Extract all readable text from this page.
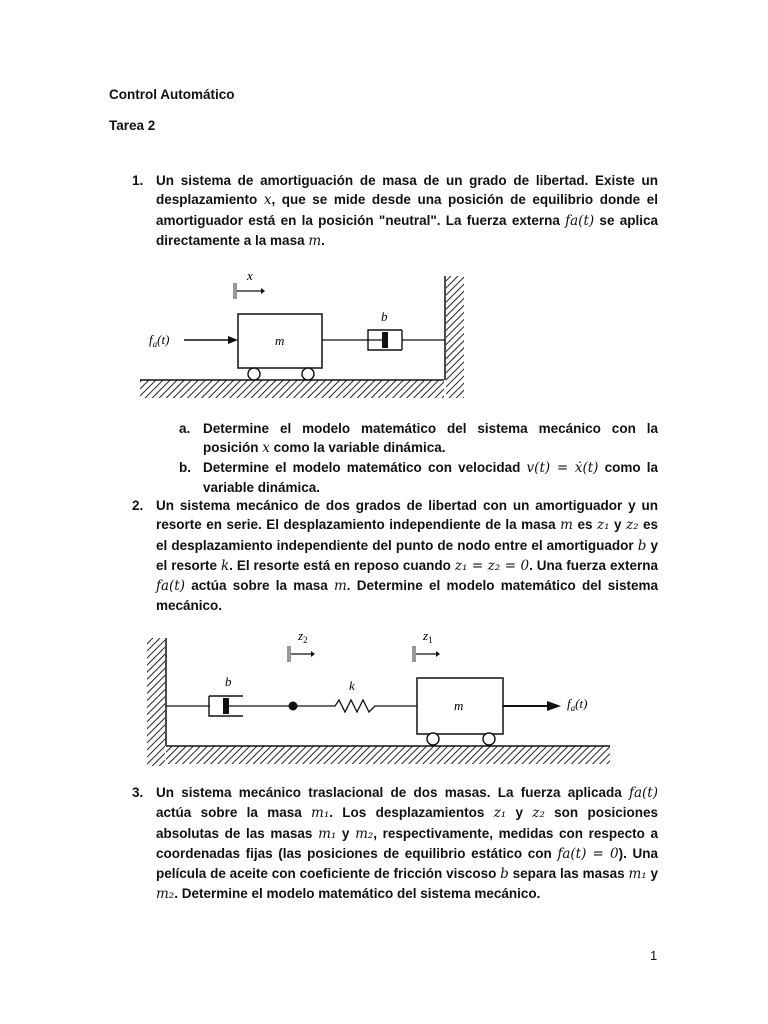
Control Automático
Tarea 2
1. Un sistema de amortiguación de masa de un grado de libertad. Existe un desplazamiento x, que se mide desde una posición de equilibrio donde el amortiguador está en la posición "neutral". La fuerza externa fa(t) se aplica directamente a la masa m.
m
b
x
$f_a(t)$
a. Determine el modelo matemático del sistema mecánico con la posición x como la variable dinámica.
b. Determine el modelo matemático con velocidad v(t) = ẋ(t) como la variable dinámica.
2. Un sistema mecánico de dos grados de libertad con un amortiguador y un resorte en serie. El desplazamiento independiente de la masa m es z₁ y z₂ es el desplazamiento independiente del punto de nodo entre el amortiguador b y el resorte k. El resorte está en reposo cuando z₁ = z₂ = 0. Una fuerza externa fa(t) actúa sobre la masa m. Determine el modelo matemático del sistema mecánico.
b	k
m	$f_a(t)$
$z_2$	$z_1$
3. Un sistema mecánico traslacional de dos masas. La fuerza aplicada fa(t) actúa sobre la masa m₁. Los desplazamientos z₁ y z₂ son posiciones absolutas de las masas m₁ y m₂, respectivamente, medidas con respecto a coordenadas fijas (las posiciones de equilibrio estático con fa(t) = 0). Una película de aceite con coeficiente de fricción viscoso b separa las masas m₁ y m₂. Determine el modelo matemático del sistema mecánico.
1
